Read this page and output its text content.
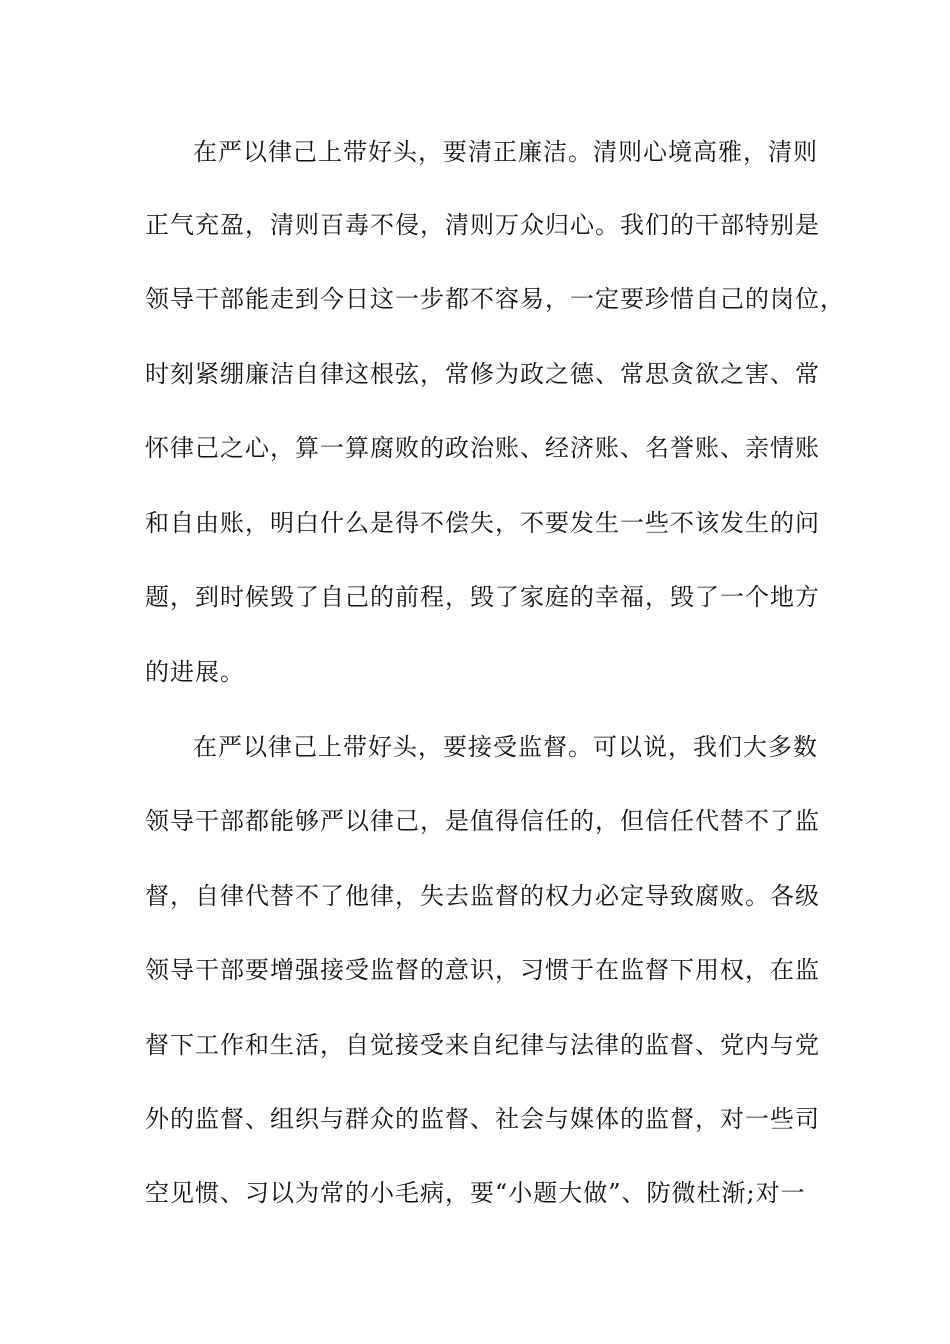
在严以律己上带好头，要清正廉洁。清则心境高雅，清则
正气充盈，清则百毒不侵，清则万众归心。我们的干部特别是
领导干部能走到今日这一步都不容易，一定要珍惜自己的岗位，
时刻紧绷廉洁自律这根弦，常修为政之德、常思贪欲之害、常
怀律己之心，算一算腐败的政治账、经济账、名誉账、亲情账
和自由账，明白什么是得不偿失，不要发生一些不该发生的问
题，到时候毁了自己的前程，毁了家庭的幸福，毁了一个地方
的进展。
在严以律己上带好头，要接受监督。可以说，我们大多数
领导干部都能够严以律己，是值得信任的，但信任代替不了监
督，自律代替不了他律，失去监督的权力必定导致腐败。各级
领导干部要增强接受监督的意识，习惯于在监督下用权，在监
督下工作和生活，自觉接受来自纪律与法律的监督、党内与党
外的监督、组织与群众的监督、社会与媒体的监督，对一些司
空见惯、习以为常的小毛病，要“小题大做”、防微杜渐;对一
